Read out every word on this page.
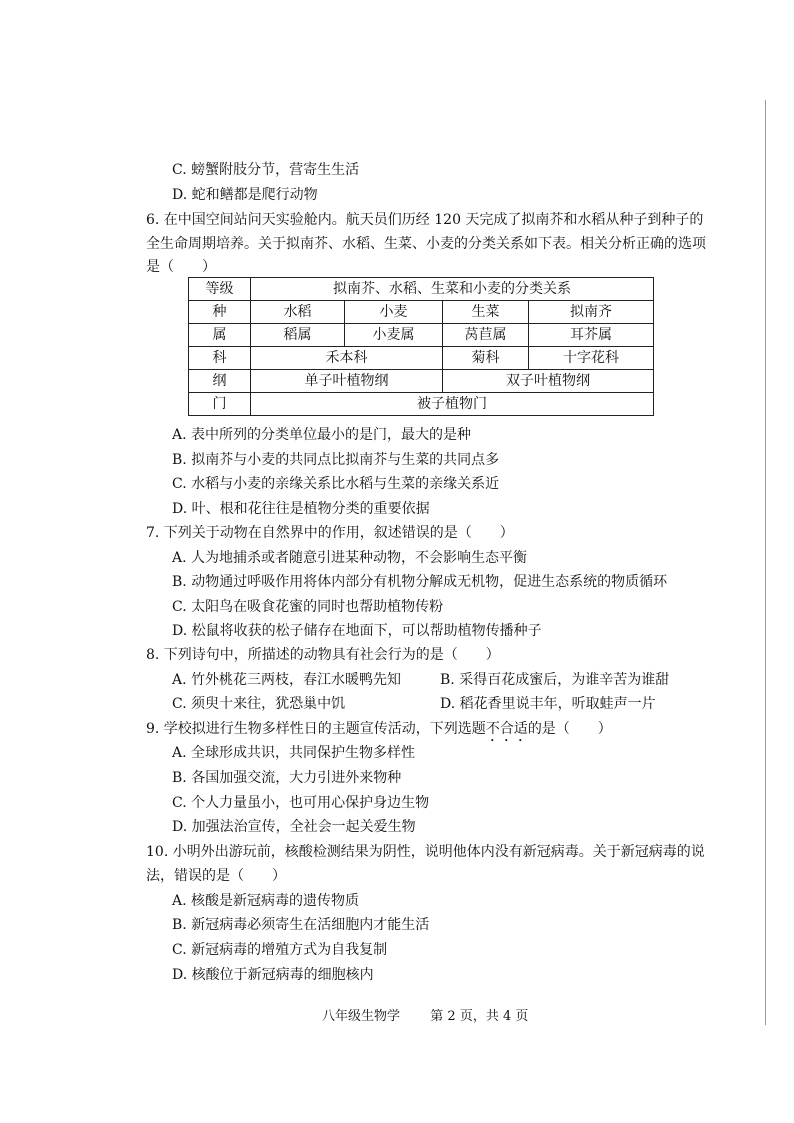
C. 螃蟹附肢分节，营寄生生活
D. 蛇和鳝都是爬行动物
6. 在中国空间站问天实验舱内。航天员们历经 120 天完成了拟南芥和水稻从种子到种子的
全生命周期培养。关于拟南芥、水稻、生菜、小麦的分类关系如下表。相关分析正确的选项
是（　　）
等级	拟南芥、水稻、生菜和小麦的分类关系			
种	水稻	小麦	生菜	拟南齐
属	稻属	小麦属	莴苣属	耳芥属
科	禾本科		菊科	十字花科
纲	单子叶植物纲		双子叶植物纲	
门	被子植物门			
A. 表中所列的分类单位最小的是门，最大的是种
B. 拟南芥与小麦的共同点比拟南芥与生菜的共同点多
C. 水稻与小麦的亲缘关系比水稻与生菜的亲缘关系近
D. 叶、根和花往往是植物分类的重要依据
7. 下列关于动物在自然界中的作用，叙述错误的是（　　）
A. 人为地捕杀或者随意引进某种动物，不会影响生态平衡
B. 动物通过呼吸作用将体内部分有机物分解成无机物，促进生态系统的物质循环
C. 太阳鸟在吸食花蜜的同时也帮助植物传粉
D. 松鼠将收获的松子储存在地面下，可以帮助植物传播种子
8. 下列诗句中，所描述的动物具有社会行为的是（　　）
A. 竹外桃花三两枝，春江水暖鸭先知	B. 采得百花成蜜后，为谁辛苦为谁甜
C. 须臾十来往，犹恐巢中饥	D. 稻花香里说丰年，听取蛙声一片
9. 学校拟进行生物多样性日的主题宣传活动，下列选题不合适的是（　　）
A. 全球形成共识，共同保护生物多样性
B. 各国加强交流，大力引进外来物种
C. 个人力量虽小，也可用心保护身边生物
D. 加强法治宣传，全社会一起关爱生物
10. 小明外出游玩前，核酸检测结果为阴性，说明他体内没有新冠病毒。关于新冠病毒的说
法，错误的是（　　）
A. 核酸是新冠病毒的遗传物质
B. 新冠病毒必须寄生在活细胞内才能生活
C. 新冠病毒的增殖方式为自我复制
D. 核酸位于新冠病毒的细胞核内
八年级生物学 第 2 页，共 4 页
